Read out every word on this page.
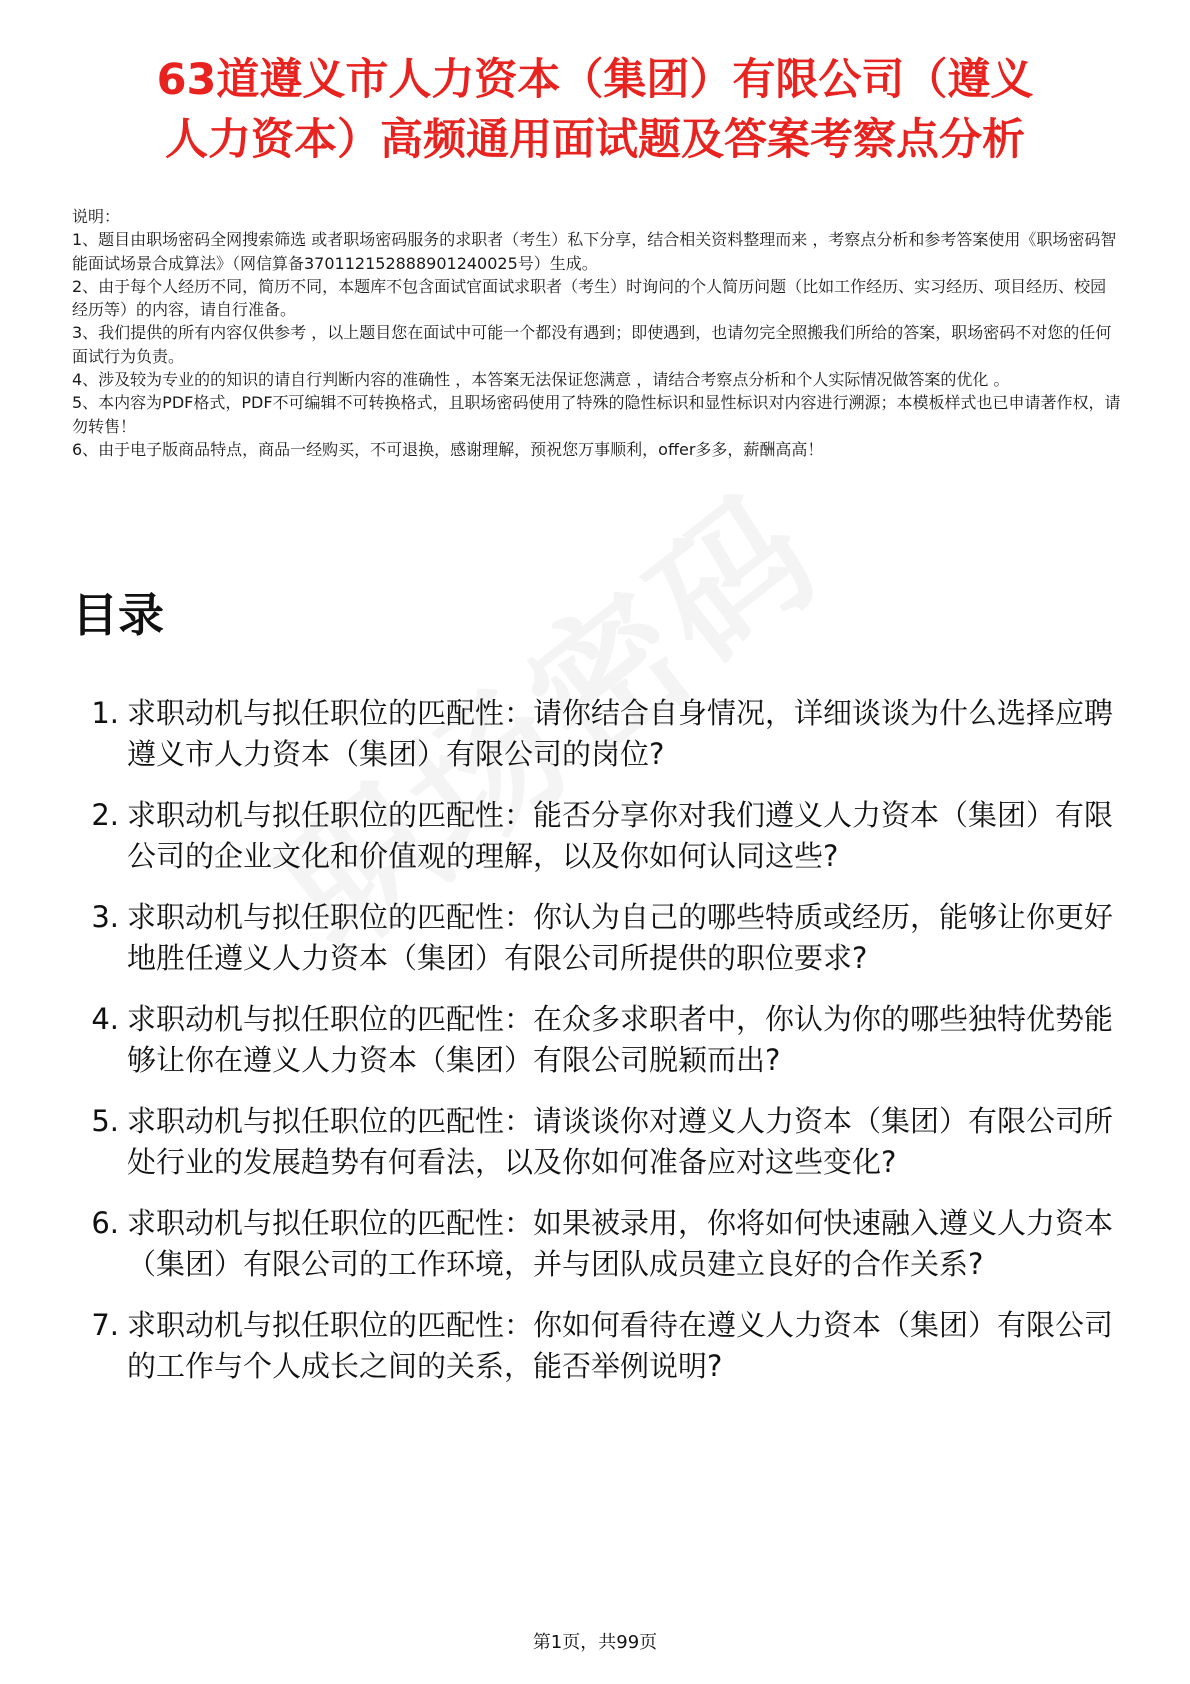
63道遵义市人力资本（集团）有限公司（遵义
人力资本）高频通用面试题及答案考察点分析

说明：

1、题目由职场密码全网搜索筛选 或者职场密码服务的求职者（考生）私下分享，结合相关资料整理而来 ，考察点分析和参考答案使用《职场密码智能面试场景合成算法》（网信算备370112152888901240025号）生成。

2、由于每个人经历不同，简历不同，本题库不包含面试官面试求职者（考生）时询问的个人简历问题（比如工作经历、实习经历、项目经历、校园经历等）的内容，请自行准备。

3、我们提供的所有内容仅供参考 ，以上题目您在面试中可能一个都没有遇到；即使遇到，也请勿完全照搬我们所给的答案，职场密码不对您的任何面试行为负责。

4、涉及较为专业的的知识的请自行判断内容的准确性 ，本答案无法保证您满意 ，请结合考察点分析和个人实际情况做答案的优化 。

5、本内容为PDF格式，PDF不可编辑不可转换格式，且职场密码使用了特殊的隐性标识和显性标识对内容进行溯源；本模板样式也已申请著作权，请勿转售！

6、由于电子版商品特点，商品一经购买，不可退换，感谢理解，预祝您万事顺利，offer多多，薪酬高高！

目录
1. 求职动机与拟任职位的匹配性：请你结合自身情况，详细谈谈为什么选择应聘遵义市人力资本（集团）有限公司的岗位?
2. 求职动机与拟任职位的匹配性：能否分享你对我们遵义人力资本（集团）有限公司的企业文化和价值观的理解，以及你如何认同这些?
3. 求职动机与拟任职位的匹配性：你认为自己的哪些特质或经历，能够让你更好地胜任遵义人力资本（集团）有限公司所提供的职位要求?
4. 求职动机与拟任职位的匹配性：在众多求职者中，你认为你的哪些独特优势能够让你在遵义人力资本（集团）有限公司脱颖而出?
5. 求职动机与拟任职位的匹配性：请谈谈你对遵义人力资本（集团）有限公司所处行业的发展趋势有何看法，以及你如何准备应对这些变化?
6. 求职动机与拟任职位的匹配性：如果被录用，你将如何快速融入遵义人力资本（集团）有限公司的工作环境，并与团队成员建立良好的合作关系?
7. 求职动机与拟任职位的匹配性：你如何看待在遵义人力资本（集团）有限公司的工作与个人成长之间的关系，能否举例说明?
第1页，共99页
